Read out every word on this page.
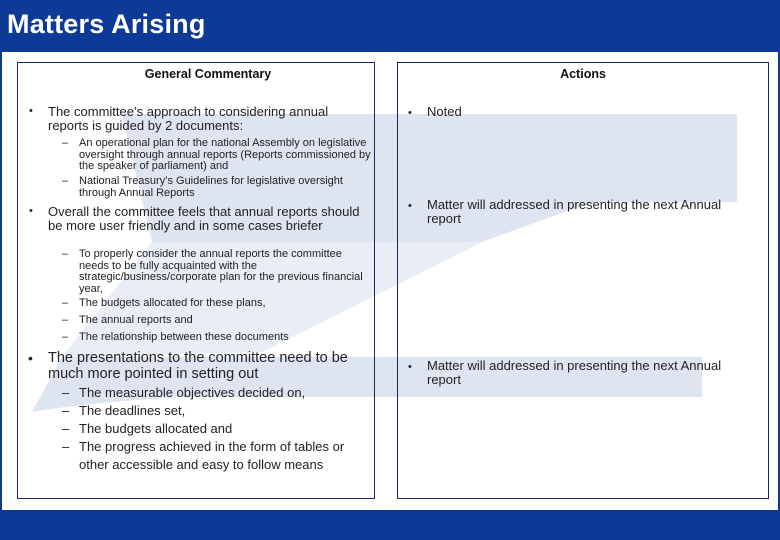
Matters Arising
General Commentary	Actions
• The committee’s approach to considering annual reports is guided by 2 documents:
– An operational plan for the national Assembly on legislative oversight through annual reports (Reports commissioned by the speaker of parliament) and
– National Treasury’s Guidelines for legislative oversight through Annual Reports
• Overall the committee feels that annual reports should be more user friendly and in some cases briefer
– To properly consider the annual reports the committee needs to be fully acquainted with the strategic/business/corporate plan for the previous financial year,
– The budgets allocated for these plans,
– The annual reports and
– The relationship between these documents
• The presentations to the committee need to be much more pointed in setting out
– The measurable objectives decided on,
– The deadlines set,
– The budgets allocated and
– The progress achieved in the form of tables or other accessible and easy to follow means
• Noted
• Matter will addressed in presenting the next Annual report
• Matter will addressed in presenting the next Annual report
